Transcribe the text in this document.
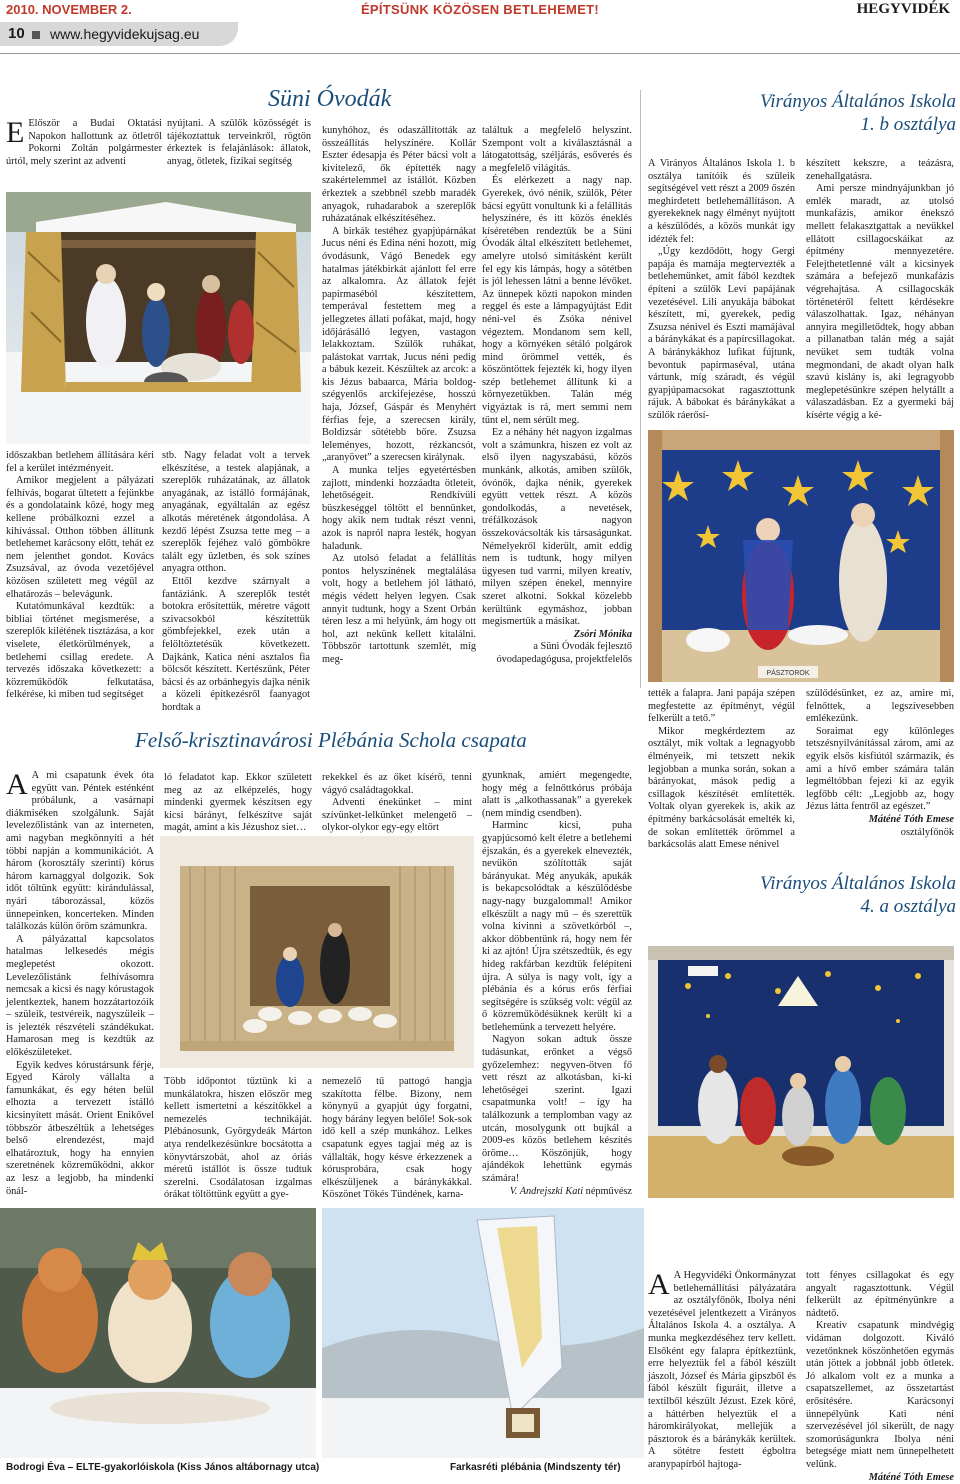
2010. NOVEMBER 2.	ÉPÍTSÜNK KÖZÖSEN BETLEHEMET!	HEGYVIDÉK
10 www.hegyvidekujsag.eu
Süni Óvodák

E Először a Budai Oktatási Napokon hallottunk az ötletről Pokorni Zoltán polgármester úrtól, mely szerint az adventi

nyújtani. A szülők közösségét is tájékoztattuk terveinkről, rögtön érkeztek is felajánlások: állatok, anyag, ötletek, fizikai segítség

időszakban betlehem állítására kéri fel a kerület intézményeit.

Amikor megjelent a pályázati felhívás, bogarat ültetett a fejünkbe és a gondolataink közé, hogy meg kellene próbálkozni ezzel a kihívással. Otthon többen állítunk betlehemet karácsony előtt, tehát ez nem jelenthet gondot. Kovács Zsuzsával, az óvoda vezetőjével közösen született meg végül az elhatározás – belevágunk.

Kutatómunkával kezdtük: a bibliai történet megismerése, a szereplők kilétének tisztázása, a kor viselete, életkörülmények, a betlehemi csillag eredete. A tervezés időszaka következett: a közreműködők felkutatása, felkérése, ki miben tud segítséget

stb. Nagy feladat volt a tervek elkészítése, a testek alapjának, a szereplők ruházatának, az állatok anyagának, az istálló formájának, anyagának, egyáltalán az egész alkotás méretének átgondolása. A kezdő lépést Zsuzsa tette meg – a szereplők fejéhez való gömbökre talált egy üzletben, és sok színes anyagra otthon.

Ettől kezdve szárnyalt a fantáziánk. A szereplők testét botokra erősítettük, méretre vágott szivacsokból készítettük gömbfejekkel, ezek után a felöltöztetésük következett. Dajkánk, Katica néni asztalos fia bölcsőt készített. Kertészünk, Péter bácsi és az orbánhegyis dajka nénik a közeli építkezésről faanyagot hordtak a

kunyhóhoz, és odaszállították az összeállítás helyszínére. Kollár Eszter édesapja és Péter bácsi volt a kivitelező, ők építették nagy szakértelemmel az istállót. Közben érkeztek a szebbnél szebb maradék anyagok, ruhadarabok a szereplők ruházatának elkészítéséhez.

A birkák testéhez gyapjúpárnákat Jucus néni és Edina néni hozott, míg óvodásunk, Vágó Benedek egy hatalmas játékbirkát ajánlott fel erre az alkalomra. Az állatok fejét papírmaséból készítettem, temperával festettem meg a jellegzetes állati pofákat, majd, hogy időjárásálló legyen, vastagon lelakkoztam. Szülők ruhákat, palástokat varrtak, Jucus néni pedig a bábuk kezeit. Készültek az arcok: a kis Jézus babaarca, Mária boldog-szégyenlős arckifejezése, hosszú haja, József, Gáspár és Menyhért férfias feje, a szerecsen király, Boldizsár sötétebb bőre. Zsuzsa leleményes, hozott, rézkancsót, „aranyövet” a szerecsen királynak.

A munka teljes egyetértésben zajlott, mindenki hozzáadta ötleteit, lehetőségeit. Rendkívüli büszkeséggel töltött el bennünket, hogy akik nem tudtak részt venni, azok is napról napra lesték, hogyan haladunk.

Az utolsó feladat a felállítás pontos helyszínének megtalálása volt, hogy a betlehem jól látható, mégis védett helyen legyen. Csak annyit tudtunk, hogy a Szent Orbán téren lesz a mi helyünk, ám hogy ott hol, azt nekünk kellett kitalálni. Többször tartottunk szemlét, míg meg-

találtuk a megfelelő helyszínt. Szempont volt a kiválasztásnál a látogatottság, széljárás, esőverés és a megfelelő világítás.

És elérkezett a nagy nap. Gyerekek, óvó nénik, szülők, Péter bácsi együtt vonultunk ki a felállítás helyszínére, és itt közös éneklés kíséretében rendeztük be a Süni Óvodák által elkészített betlehemet, amelyre utolsó simításként került fel egy kis lámpás, hogy a sötétben is jól lehessen látni a benne lévőket. Az ünnepek közti napokon minden reggel és este a lámpagyújtást Edit néni-vel és Zsóka nénivel végeztem. Mondanom sem kell, hogy a környéken sétáló polgárok mind örömmel vették, és köszöntöttek fejezték ki, hogy ilyen szép betlehemet állítunk ki a környezetükben. Talán még vigyáztak is rá, mert semmi nem tűnt el, nem sérült meg.

Ez a néhány hét nagyon izgalmas volt a számunkra, hiszen ez volt az első ilyen nagyszabású, közös munkánk, alkotás, amiben szülők, óvónők, dajka nénik, gyerekek együtt vettek részt. A közös gondolkodás, a nevetések, tréfálkozások nagyon összekovácsolták kis társaságunkat. Némelyekről kiderült, amit eddig nem is tudtunk, hogy milyen ügyesen tud varrni, milyen kreatív, milyen szépen énekel, mennyire szeret alkotni. Sokkal közelebb kerültünk egymáshoz, jobban megismertük a másikat.

Zsóri Mónika
a Süni Óvodák fejlesztő
óvodapedagógusa, projektfelelős
Virányos Általános Iskola
1. b osztálya

A Virányos Általános Iskola 1. b osztálya tanítóik és szüleik segítségével vett részt a 2009 őszén meghirdetett betlehemállításon. A gyerekeknek nagy élményt nyújtott a készülődés, a közös munkát így idézték fel:

„Úgy kezdődött, hogy Gergi papája és mamája megtervezték a betlehemünket, amit fából kezdtek építeni a szülők Levi papájának vezetésével. Lili anyukája bábokat készített, mi, gyerekek, pedig Zsuzsa nénivel és Eszti mamájával a báránykákat és a papírcsillagokat. A báránykákhoz lufikat fújtunk, bevontuk papírmaséval, utána vártunk, míg száradt, és végül gyapjúpamacsokat ragasztottunk rájuk. A bábokat és báránykákat a szülők ráerősí-

készített kekszre, a teázásra, zenehallgatásra.

Ami persze mindnyájunkban jó emlék maradt, az utolsó munkafázis, amikor énekszó mellett felakasztgattak a nevükkel ellátott csillagocskáikat az építmény mennyezetére. Felejthetetlenné vált a kicsinyek számára a befejező munkafázis végrehajtása. A csillagocskák történetéről feltett kérdésekre válaszolhattak. Igaz, néhányan annyira megilletődtek, hogy abban a pillanatban talán még a saját nevüket sem tudták volna megmondani, de akadt olyan halk szavú kislány is, aki legragyobb meglepetésünkre szépen helytállt a válaszadásban. Ez a gyermeki báj kísérte végig a ké-

PÁSZTOROK

tették a falapra. Jani papája szépen megfestette az építményt, végül felkerült a tető.”

Mikor megkérdeztem az osztályt, mik voltak a legnagyobb élményeik, mi tetszett nekik legjobban a munka során, sokan a bárányokat, mások pedig a csillagok készítését említették. Voltak olyan gyerekek is, akik az építmény barkácsolását emelték ki, de sokan említették örömmel a barkácsolás alatt Emese nénivel

szülődésünket, ez az, amire mi, felnőttek, a legszívesebben emlékezünk.

Soraimat egy különleges tetszésnyilvánítással zárom, ami az egyik elsős kisfiútól származik, és ami a hívő ember számára talán legméltóbban fejezi ki az egyik legfőbb célt: „Legjobb az, hogy Jézus látta fentről az egészet.”

Máténé Tóth Emese
osztályfőnök
Felső-krisztinavárosi Plébánia Schola csapata

A A mi csapatunk évek óta együtt van. Péntek esténként próbálunk, a vasárnapi diákmiséken szolgálunk. Saját levelezőlistánk van az interneten, ami nagyban megkönnyíti a hét többi napján a kommunikációt. A három (korosztály szerinti) kórus három karnaggyal dolgozik. Sok időt töltünk együtt: kirándulással, nyári táborozással, közös ünnepeinken, koncerteken. Minden találkozás külön öröm számunkra.

A pályázattal kapcsolatos hatalmas lelkesedés mégis meglepetést okozott. Levelezőlistánk felhívásomra nemcsak a kicsi és nagy kórustagok jelentkeztek, hanem hozzátartozóik – szüleik, testvéreik, nagyszüleik – is jelezték részvételi szándékukat. Hamarosan meg is kezdtük az előkészületeket.

Egyik kedves kórustársunk férje, Egyed Károly vállalta a famunkákat, és egy héten belül elhozta a tervezett istálló kicsinyített mását. Orient Enikővel többször átbeszéltük a lehetséges belső elrendezést, majd elhatároztuk, hogy ha ennyien szeretnének közreműködni, akkor az lesz a legjobb, ha mindenki önál-

ló feladatot kap. Ekkor született meg az az elképzelés, hogy mindenki gyermek készítsen egy kicsi bárányt, felkészítve saját magát, amint a kis Jézushoz siet…

rekekkel és az őket kísérő, tenni vágyó családtagokkal.

Adventi énekünket – mint szívünket-lelkünket melengető – olykor-olykor egy-egy eltört

Több időpontot tűztünk ki a munkálatokra, hiszen először meg kellett ismertetni a készítőkkel a nemezelés technikáját. Plébánosunk, Györgydeák Márton atya rendelkezésünkre bocsátotta a könyvtárszobát, ahol az óriás méretű istállót is össze tudtuk szerelni. Csodálatosan izgalmas órákat töltöttünk együtt a gye-

nemezelő tű pattogó hangja szakította félbe. Bizony, nem könynyű a gyapjút úgy forgatni, hogy bárány legyen belőle! Sok-sok idő kell a szép munkához. Lelkes csapatunk egyes tagjai még az is vállalták, hogy késve érkezzenek a kórusprobára, csak hogy elkészüljenek a báránykákkal. Köszönet Tőkés Tündének, karna-

gyunknak, amiért megengedte, hogy még a felnőttkórus próbája alatt is „alkothassanak” a gyerekek (nem mindig csendben).

Harminc kicsi, puha gyapjúcsomó kelt életre a betlehemi éjszakán, és a gyerekek elnevezték, nevükön szólították saját bárányukat. Még anyukák, apukák is bekapcsolódtak a készülődésbe nagy-nagy buzgalommal! Amikor elkészült a nagy mű – és szerettük volna kivinni a szövetkórból –, akkor döbbentünk rá, hogy nem fér ki az ajtón! Újra szétszedtük, és egy hideg rakfárban kezdtük felépíteni újra. A súlya is nagy volt, így a plébánia és a kórus erős férfiai segítségére is szükség volt: végül az ő közreműködésüknek került ki a betlehemünk a tervezett helyére.

Nagyon sokan adtuk össze tudásunkat, erőnket a végső győzelemhez: negyven-ötven fő vett részt az alkotásban, ki-ki lehetőségei szerint. Igazi csapatmunka volt! – így ha találkozunk a templomban vagy az utcán, mosolygunk ott bujkál a 2009-es közös betlehem készítés öröme… Köszönjük, hogy ajándékok lehettünk egymás számára!

V. Andrejszki Kati népművész
Virányos Általános Iskola
4. a osztálya
Bodrogi Éva – ELTE-gyakorlóiskola (Kiss János altábornagy utca)	Farkasréti plébánia (Mindszenty tér)

A A Hegyvidéki Önkormányzat betlehemállítási pályázatára az osztályfőnök, Ibolya néni vezetésével jelentkezett a Virányos Általános Iskola 4. a osztálya. A munka megkezdéséhez terv kellett. Elsőként egy falapra építkeztünk, erre helyeztük fel a fából készült jászolt, József és Mária gipszből és fából készült figuráit, illetve a textilből készült Jézust. Ezek köré, a háttérben helyeztük el a háromkirályokat, mellejük a pásztorok és a báránykák kerültek. A sötétre festett égboltra aranypapírból hajtoga-

tott fényes csillagokat és egy angyalt ragasztottunk. Végül felkerült az építményünkre a nádtető.

Kreatív csapatunk mindvégig vidáman dolgozott. Kiváló vezetőnknek köszönhetően egymás után jöttek a jobbnál jobb ötletek. Jó alkalom volt ez a munka a csapatszellemet, az összetartást erősítésére. Karácsonyi ünnepélyünk Kati néni szervezésével jól sikerült, de nagy szomorúságunkra Ibolya néni betegsége miatt nem ünnepelhetett velünk.

Máténé Tóth Emese
